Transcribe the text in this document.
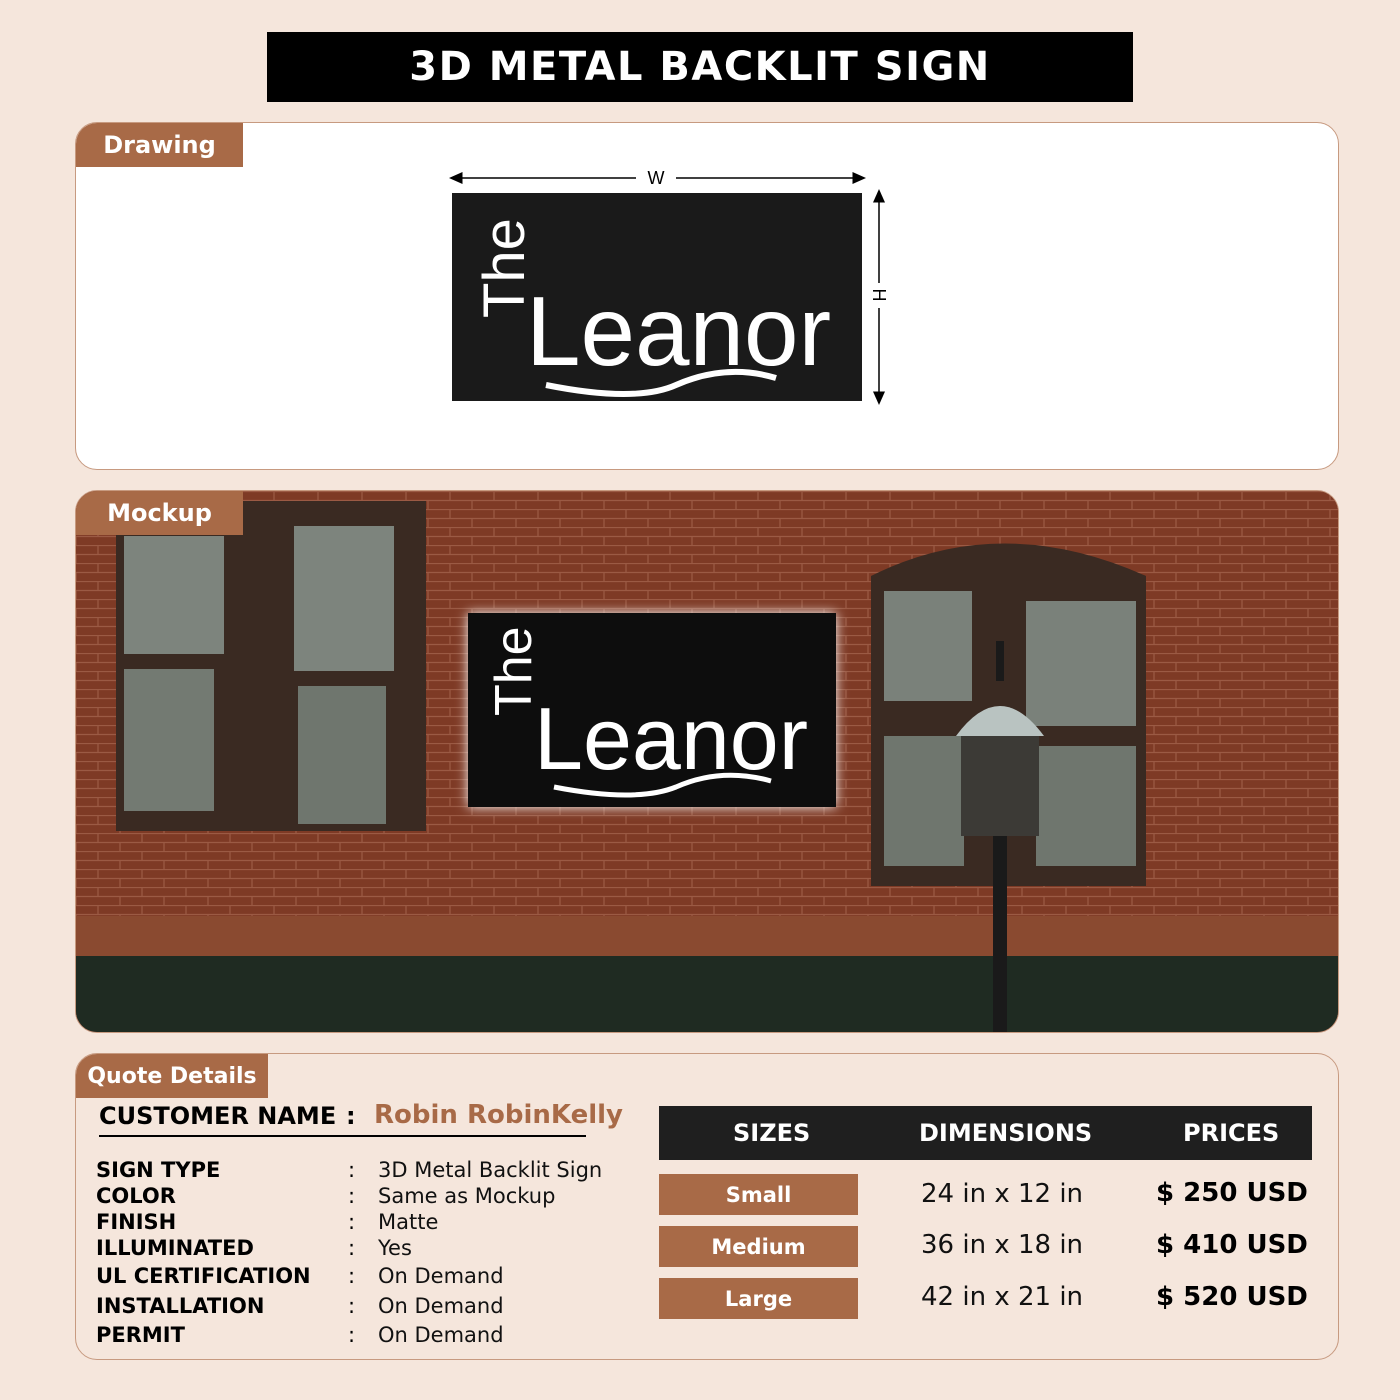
3D METAL BACKLIT SIGN
Drawing
W
H
The
Leanor
Mockup
The
Leanor
Quote Details
CUSTOMER NAME : Robin RobinKelly
SIGN TYPE	: 3D Metal Backlit Sign
COLOR	: Same as Mockup
FINISH	: Matte
ILLUMINATED	: Yes
UL CERTIFICATION : On Demand
INSTALLATION	: On Demand
PERMIT	: On Demand
SIZES	DIMENSIONS	PRICES
Small	24 in x 12 in	$ 250 USD
Medium	36 in x 18 in	$ 410 USD
Large	42 in x 21 in	$ 520 USD
